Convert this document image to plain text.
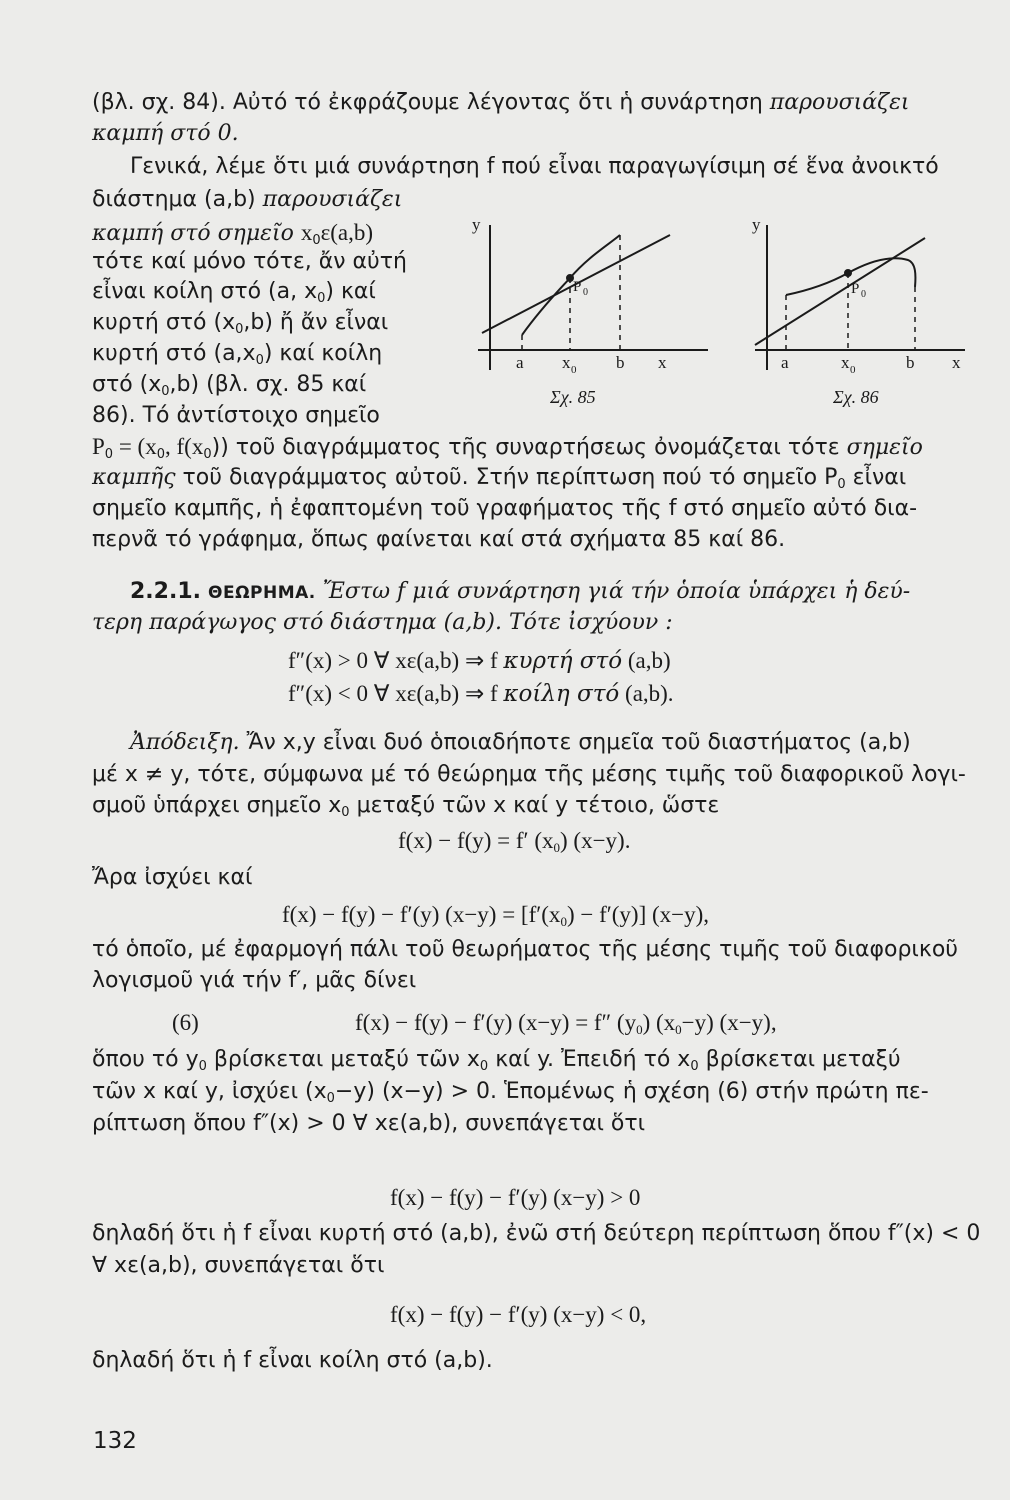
(βλ. σχ. 84). Αὐτό τό ἐκφράζουμε λέγοντας ὅτι ἡ συνάρτηση παρουσιάζει
καμπή στό 0.
Γενικά, λέμε ὅτι μιά συνάρτηση f πού εἶναι παραγωγίσιμη σέ ἕνα ἀνοικτό
διάστημα (a,b) παρουσιάζει
καμπή στό σημεῖο $x_0\varepsilon(a,b)$
τότε καί μόνο τότε, ἄν αὐτή
εἶναι κοίλη στό (a, $x_0$) καί
κυρτή στό $(x_0,b)$ ἤ ἄν εἶναι
κυρτή στό $(a,x_0)$ καί κοίλη
στό $(x_0,b)$ (βλ. σχ. 85 καί
86). Τό ἀντίστοιχο σημεῖο
y
a x 0 b x
P 0
Σχ. 85
y
a	x 0	b x
P 0
Σχ. 86
$P_0 = (x_0$, $f(x_0)$) τοῦ διαγράμματος τῆς συναρτήσεως ὀνομάζεται τότε σημεῖο
καμπῆς τοῦ διαγράμματος αὐτοῦ. Στήν περίπτωση πού τό σημεῖο $P_0$ εἶναι
σημεῖο καμπῆς, ἡ ἐφαπτομένη τοῦ γραφήματος τῆς f στό σημεῖο αὐτό δια-
περνᾶ τό γράφημα, ὅπως φαίνεται καί στά σχήματα 85 καί 86.
2.2.1. ΘΕΩΡΗΜΑ. Ἔστω f μιά συνάρτηση γιά τήν ὁποία ὑπάρχει ἡ δεύ-
τερη παράγωγος στό διάστημα (a,b). Τότε ἰσχύουν :
f″(x) > 0 ∀ xε(a,b) ⇒ f κυρτή στό (a,b)
f″(x) < 0 ∀ xε(a,b) ⇒ f κοίλη στό (a,b).
Ἀπόδειξη. Ἄν x,y εἶναι δυό ὁποιαδήποτε σημεῖα τοῦ διαστήματος (a,b)
μέ x ≠ y, τότε, σύμφωνα μέ τό θεώρημα τῆς μέσης τιμῆς τοῦ διαφορικοῦ λογι-
σμοῦ ὑπάρχει σημεῖο $x_0$ μεταξύ τῶν x καί y τέτοιο, ὥστε
f(x) − f(y) = f′ $(x_0)$ (x−y).
Ἄρα ἰσχύει καί
f(x) − f(y) − f′(y) $(x-y) = [f'(x_0) - f'(y)]$ (x−y),
τό ὁποῖο, μέ ἐφαρμογή πάλι τοῦ θεωρήματος τῆς μέσης τιμῆς τοῦ διαφορικοῦ
λογισμοῦ γιά τήν f′, μᾶς δίνει
(6)	f(x) − f(y) − f′(y) (x−y) = f″ $(y_0)$ $(x_0-y)$ (x−y),
ὅπου τό $y_0$ βρίσκεται μεταξύ τῶν $x_0$ καί y. Ἐπειδή τό $x_0$ βρίσκεται μεταξύ
τῶν x καί y, ἰσχύει $(x_0-y) (x-y) > 0$. Ἑπομένως ἡ σχέση (6) στήν πρώτη πε-
ρίπτωση ὅπου f″(x) > 0 ∀ xε(a,b), συνεπάγεται ὅτι
f(x) − f(y) − f′(y) (x−y) > 0
δηλαδή ὅτι ἡ f εἶναι κυρτή στό (a,b), ἐνῶ στή δεύτερη περίπτωση ὅπου f″(x) < 0
∀ xε(a,b), συνεπάγεται ὅτι
f(x) − f(y) − f′(y) (x−y) < 0,
δηλαδή ὅτι ἡ f εἶναι κοίλη στό (a,b).
132
